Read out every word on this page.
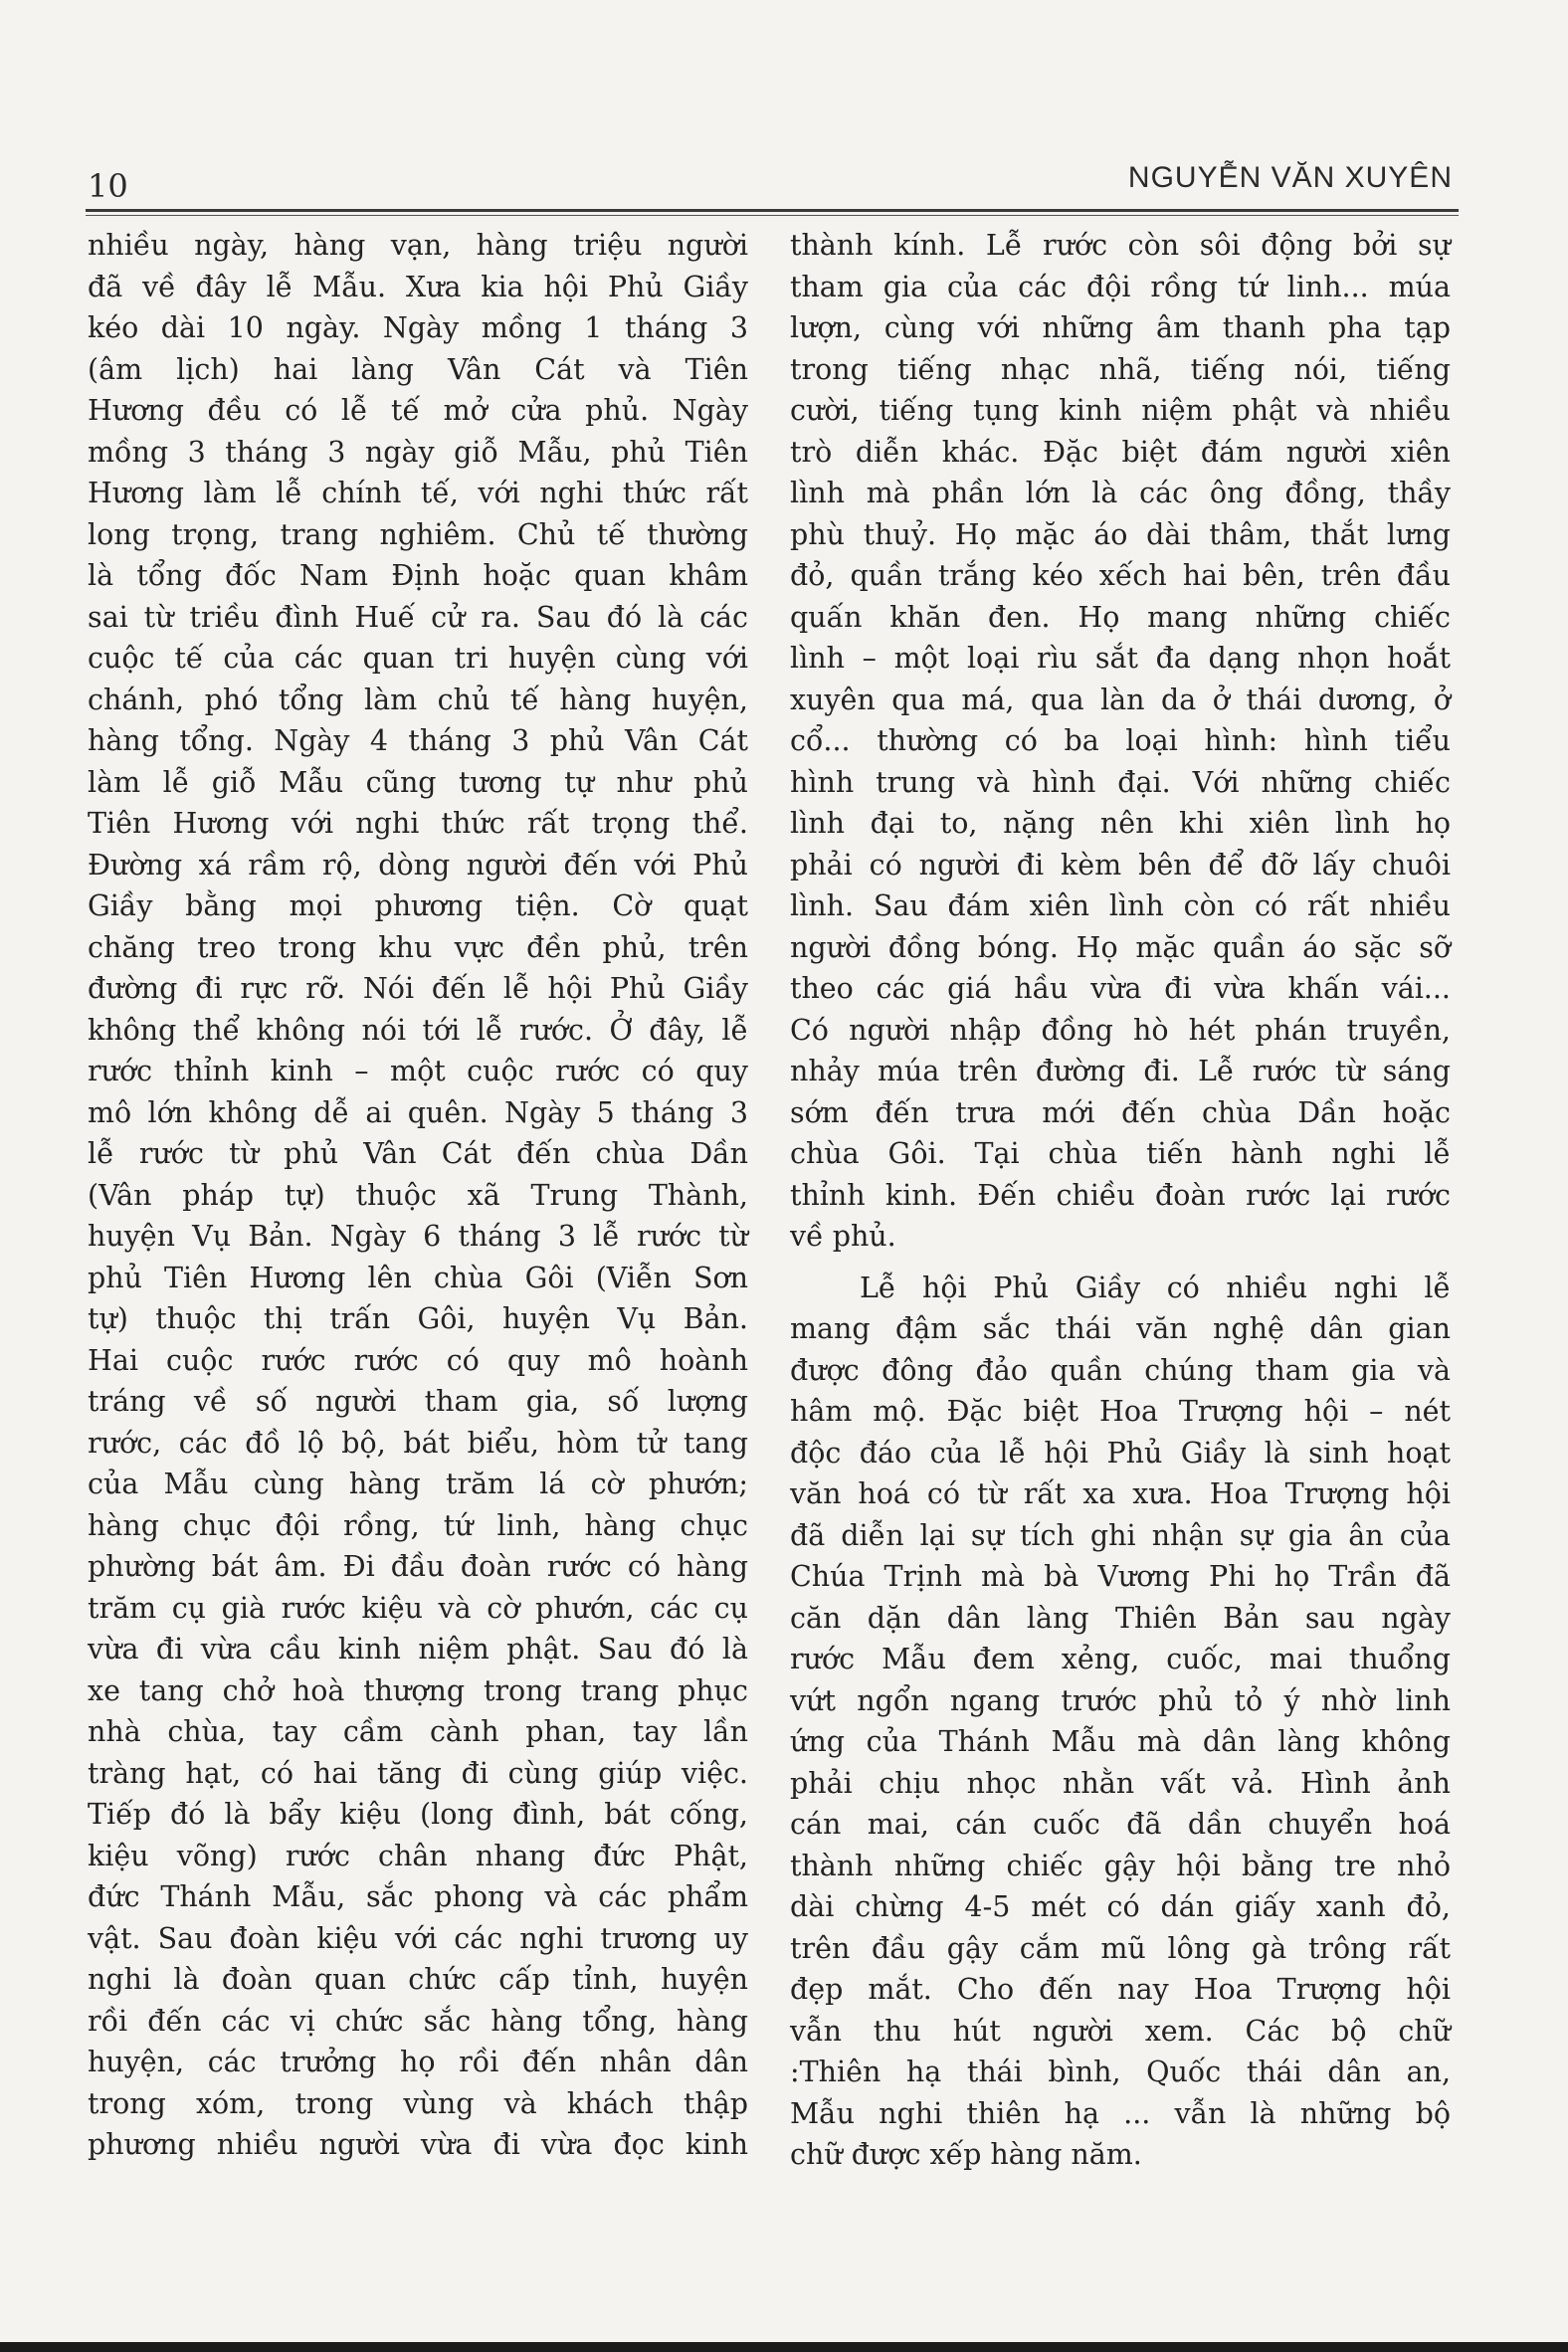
10	NGUYỄN VĂN XUYÊN
nhiều ngày, hàng vạn, hàng triệu người
đã về đây lễ Mẫu. Xưa kia hội Phủ Giầy
kéo dài 10 ngày. Ngày mồng 1 tháng 3
(âm lịch) hai làng Vân Cát và Tiên
Hương đều có lễ tế mở cửa phủ. Ngày
mồng 3 tháng 3 ngày giỗ Mẫu, phủ Tiên
Hương làm lễ chính tế, với nghi thức rất
long trọng, trang nghiêm. Chủ tế thường
là tổng đốc Nam Định hoặc quan khâm
sai từ triều đình Huế cử ra. Sau đó là các
cuộc tế của các quan tri huyện cùng với
chánh, phó tổng làm chủ tế hàng huyện,
hàng tổng. Ngày 4 tháng 3 phủ Vân Cát
làm lễ giỗ Mẫu cũng tương tự như phủ
Tiên Hương với nghi thức rất trọng thể.
Đường xá rầm rộ, dòng người đến với Phủ
Giầy bằng mọi phương tiện. Cờ quạt
chăng treo trong khu vực đền phủ, trên
đường đi rực rỡ. Nói đến lễ hội Phủ Giầy
không thể không nói tới lễ rước. Ở đây, lễ
rước thỉnh kinh – một cuộc rước có quy
mô lớn không dễ ai quên. Ngày 5 tháng 3
lễ rước từ phủ Vân Cát đến chùa Dần
(Vân pháp tự) thuộc xã Trung Thành,
huyện Vụ Bản. Ngày 6 tháng 3 lễ rước từ
phủ Tiên Hương lên chùa Gôi (Viễn Sơn
tự) thuộc thị trấn Gôi, huyện Vụ Bản.
Hai cuộc rước rước có quy mô hoành
tráng về số người tham gia, số lượng
rước, các đồ lộ bộ, bát biểu, hòm tử tang
của Mẫu cùng hàng trăm lá cờ phướn;
hàng chục đội rồng, tứ linh, hàng chục
phường bát âm. Đi đầu đoàn rước có hàng
trăm cụ già rước kiệu và cờ phướn, các cụ
vừa đi vừa cầu kinh niệm phật. Sau đó là
xe tang chở hoà thượng trong trang phục
nhà chùa, tay cầm cành phan, tay lần
tràng hạt, có hai tăng đi cùng giúp việc.
Tiếp đó là bẩy kiệu (long đình, bát cống,
kiệu võng) rước chân nhang đức Phật,
đức Thánh Mẫu, sắc phong và các phẩm
vật. Sau đoàn kiệu với các nghi trương uy
nghi là đoàn quan chức cấp tỉnh, huyện
rồi đến các vị chức sắc hàng tổng, hàng
huyện, các trưởng họ rồi đến nhân dân
trong xóm, trong vùng và khách thập
phương nhiều người vừa đi vừa đọc kinh
thành kính. Lễ rước còn sôi động bởi sự
tham gia của các đội rồng tứ linh... múa
lượn, cùng với những âm thanh pha tạp
trong tiếng nhạc nhã, tiếng nói, tiếng
cười, tiếng tụng kinh niệm phật và nhiều
trò diễn khác. Đặc biệt đám người xiên
lình mà phần lớn là các ông đồng, thầy
phù thuỷ. Họ mặc áo dài thâm, thắt lưng
đỏ, quần trắng kéo xếch hai bên, trên đầu
quấn khăn đen. Họ mang những chiếc
lình – một loại rìu sắt đa dạng nhọn hoắt
xuyên qua má, qua làn da ở thái dương, ở
cổ... thường có ba loại hình: hình tiểu
hình trung và hình đại. Với những chiếc
lình đại to, nặng nên khi xiên lình họ
phải có người đi kèm bên để đỡ lấy chuôi
lình. Sau đám xiên lình còn có rất nhiều
người đồng bóng. Họ mặc quần áo sặc sỡ
theo các giá hầu vừa đi vừa khấn vái...
Có người nhập đồng hò hét phán truyền,
nhảy múa trên đường đi. Lễ rước từ sáng
sớm đến trưa mới đến chùa Dần hoặc
chùa Gôi. Tại chùa tiến hành nghi lễ
thỉnh kinh. Đến chiều đoàn rước lại rước
về phủ.
Lễ hội Phủ Giầy có nhiều nghi lễ
mang đậm sắc thái văn nghệ dân gian
được đông đảo quần chúng tham gia và
hâm mộ. Đặc biệt Hoa Trượng hội – nét
độc đáo của lễ hội Phủ Giầy là sinh hoạt
văn hoá có từ rất xa xưa. Hoa Trượng hội
đã diễn lại sự tích ghi nhận sự gia ân của
Chúa Trịnh mà bà Vương Phi họ Trần đã
căn dặn dân làng Thiên Bản sau ngày
rước Mẫu đem xẻng, cuốc, mai thuổng
vứt ngổn ngang trước phủ tỏ ý nhờ linh
ứng của Thánh Mẫu mà dân làng không
phải chịu nhọc nhằn vất vả. Hình ảnh
cán mai, cán cuốc đã dần chuyển hoá
thành những chiếc gậy hội bằng tre nhỏ
dài chừng 4-5 mét có dán giấy xanh đỏ,
trên đầu gậy cắm mũ lông gà trông rất
đẹp mắt. Cho đến nay Hoa Trượng hội
vẫn thu hút người xem. Các bộ chữ
:Thiên hạ thái bình, Quốc thái dân an,
Mẫu nghi thiên hạ ... vẫn là những bộ
chữ được xếp hàng năm.
